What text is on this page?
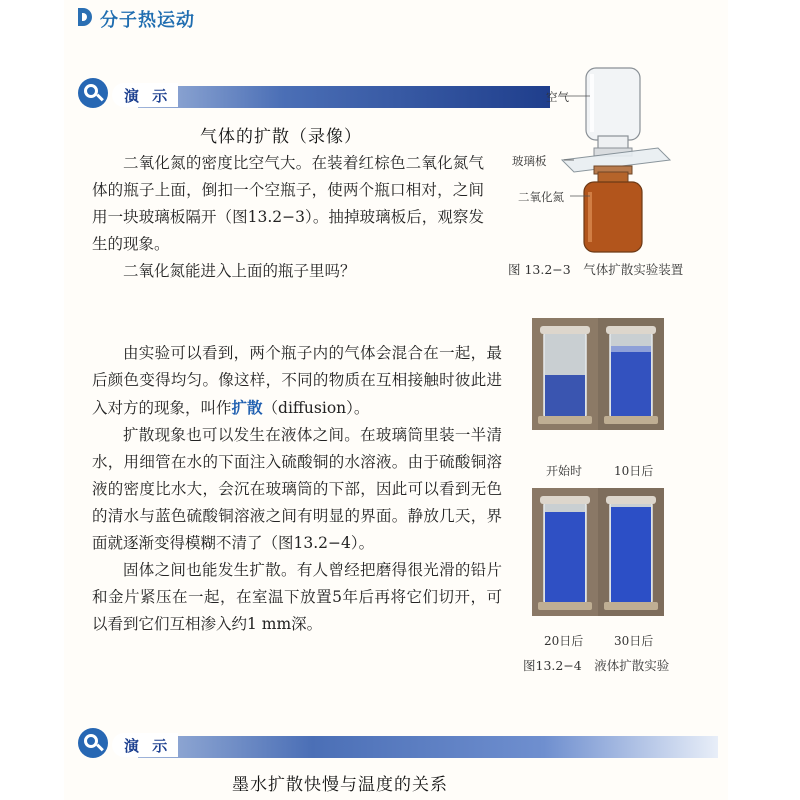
分子热运动
演 示
气体的扩散（录像）

二氧化氮的密度比空气大。在装着红棕色二氧化氮气体的瓶子上面，倒扣一个空瓶子，使两个瓶口相对，之间用一块玻璃板隔开（图13.2−3）。抽掉玻璃板后，观察发生的现象。

二氧化氮能进入上面的瓶子里吗？

空气
玻璃板
二氧化氮
图 13.2−3　气体扩散实验装置

由实验可以看到，两个瓶子内的气体会混合在一起，最后颜色变得均匀。像这样，不同的物质在互相接触时彼此进入对方的现象，叫作扩散（diffusion）。

扩散现象也可以发生在液体之间。在玻璃筒里装一半清水，用细管在水的下面注入硫酸铜的水溶液。由于硫酸铜溶液的密度比水大，会沉在玻璃筒的下部，因此可以看到无色的清水与蓝色硫酸铜溶液之间有明显的界面。静放几天，界面就逐渐变得模糊不清了（图13.2−4）。

固体之间也能发生扩散。有人曾经把磨得很光滑的铅片和金片紧压在一起，在室温下放置5年后再将它们切开，可以看到它们互相渗入约1 mm深。

开始时	10日后
20日后	30日后
图13.2−4　液体扩散实验
演 示
墨水扩散快慢与温度的关系
